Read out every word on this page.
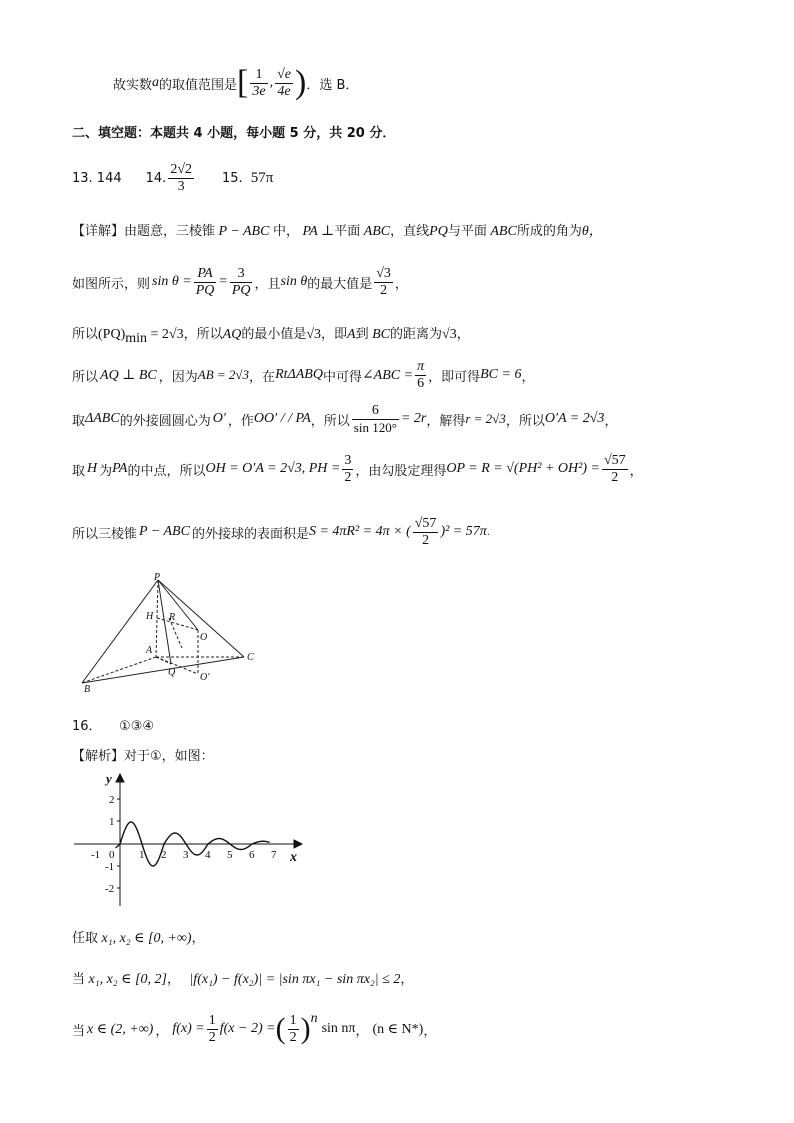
故实数 a 的取值范围是 [ $\frac{1}{3e}$ , $\frac{√e}{4e}$ ) ．选 B．
二、填空题：本题共 4 小题，每小题 5 分，共 20 分．
13. 144 14. $\frac{2√2}{3} 15$. 57π
【详解】由题意，三棱锥 P − ABC 中， PA ⊥平面 ABC，直线PQ与平面 ABC所成的角为θ，
如图所示，则 $\sin \theta = \frac{PA}{PQ} = \frac{3}{PQ}$ ，且 sin θ 的最大值是 $\frac{√3}{2}$ ，
所以$(PQ)_{min} = 2√3$，所以AQ的最小值是√3，即A到 BC的距离为√3，
所以 AQ ⊥ BC ，因为 AB = 2√3 ，在 RtΔABQ 中可得 ∠ABC = $\frac{\pi}{6}$ ，即可得 BC = 6 ，
取 ΔABC 的外接圆圆心为 O′ ，作 OO′ / / PA ，所以 $\frac{6}{\sin 120^\circ} = 2r$ ，解得 r = 2√3 ，所以 O′A = 2√3 ，
取 H 为 PA 的中点，所以 OH = O′A = 2√3, PH = $\frac{3}{2}$ ，由勾股定理得 OP = $R = √(PH^2 + OH^2) = \frac{√57}{2}$ ，
所以三棱锥 P − ABC 的外接球的表面积是 S = 4πR² = 4π × ( $\frac{√57}{2} )^2 = 57\pi$ .
P
H R
O
A
C
Q O′
B
16． ①③④
【解析】对于①，如图：
y
x
2
1
-1
-2
-1 0 1 2 3 4 5 6 7
任取 x₁, x₂ ∈ [0, +∞)，
当 x₁, x₂ ∈ [0, 2]， |f(x₁) − f(x₂)| = |sin πx₁ − sin πx₂| ≤ 2，
当 x ∈ (2, +∞) ， $f(x) = \frac{1}{2} f(x - 2)$ = ( $\frac{1}{2}$ ) n
sin nπ ， (n ∈ N*) ，
